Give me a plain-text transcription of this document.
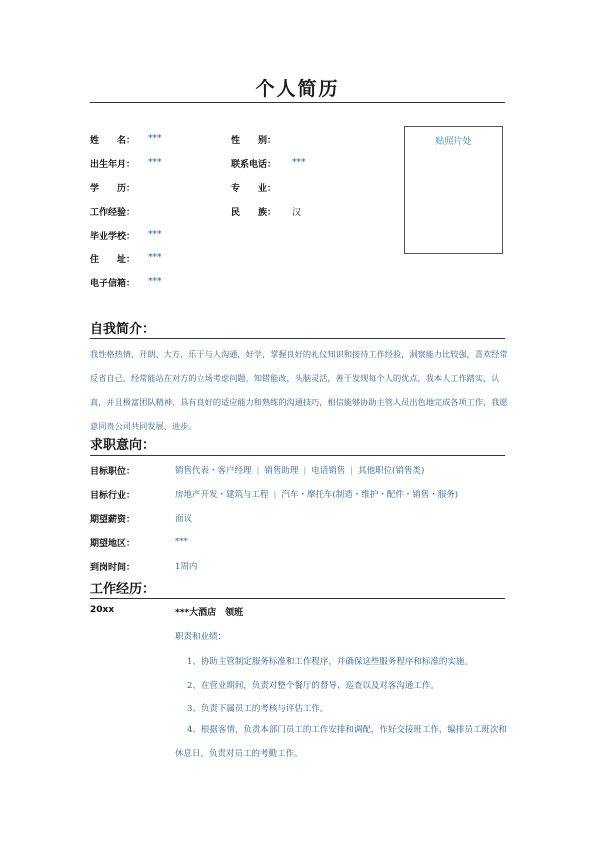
个人简历
姓　　名： ***	性　　别：
出生年月： ***	联系电话： ***
学　　历：	专　　业：
工作经验：	民　　族： 汉
毕业学校： ***
住　　址： ***
电子信箱： ***
贴照片处
自我简介：
我性格热情，开朗、大方，乐于与人沟通，好学，掌握良好的礼仪知识和接待工作经验，洞察能力比较强，喜欢经常反省自己，经常能站在对方的立场考虑问题，知错能改，头脑灵活，善于发现每个人的优点，我本人工作踏实，认真，并且极富团队精神，具有良好的适应能力和熟练的沟通技巧，相信能够协助主管人员出色地完成各项工作，我愿意同贵公司共同发展、进步。
求职意向：
目标职位：	销售代表・客户经理 | 销售助理 | 电话销售 | 其他职位(销售类)
目标行业：	房地产开发・建筑与工程 | 汽车・摩托车(制造・维护・配件・销售・服务)
期望薪资：	面议
期望地区：	***
到岗时间：	1周内
工作经历：
20xx	***大酒店　领班
职责和业绩：
1、协助主管制定服务标准和工作程序，并确保这些服务程序和标准的实施。
2、在营业期间，负责对整个餐厅的督导、巡查以及对客沟通工作。
3、负责下属员工的考核与评估工作。
4、根据客情，负责本部门员工的工作安排和调配，作好交接班工作，编排员工班次和休息日，负责对员工的考勤工作。
